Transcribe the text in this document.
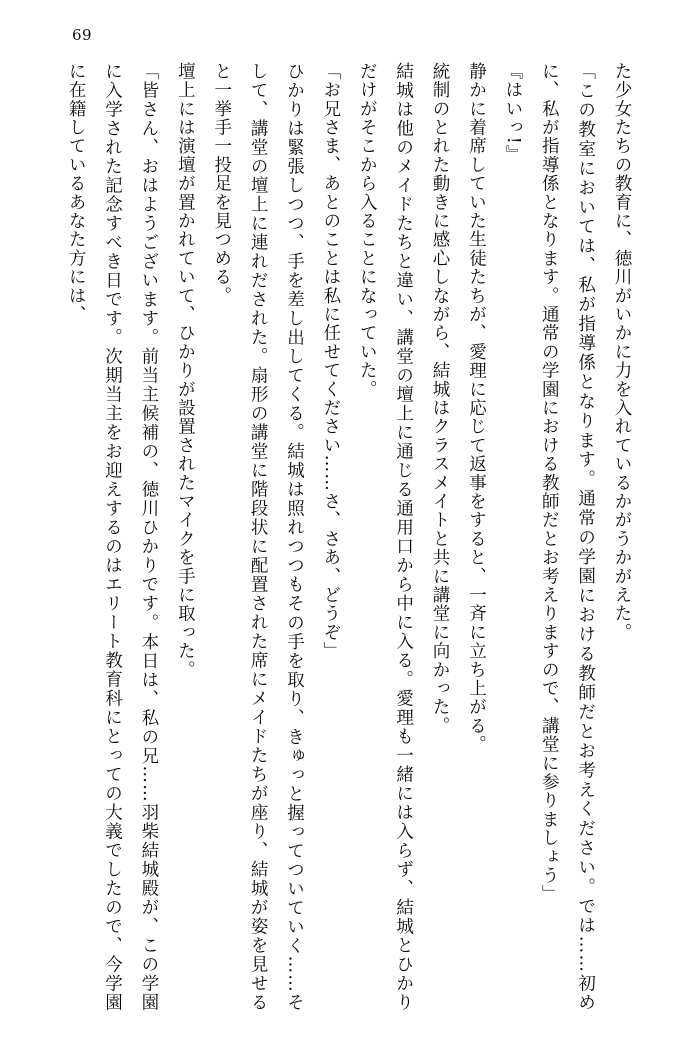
69

た少女たちの教育に、徳川がいかに力を入れているかがうかがえた。

「この教室においては、私が指導係となります。通常の学園における教師だとお考えください。では……初めに、私が指導係となります。通常の学園における教師だとお考えりますので、講堂に参りましょう」

『はいっ!』

静かに着席していた生徒たちが、愛理に応じて返事をすると、一斉に立ち上がる。

統制のとれた動きに感心しながら、結城はクラスメイトと共に講堂に向かった。

結城は他のメイドたちと違い、講堂の壇上に通じる通用口から中に入る。愛理も一緒には入らず、結城とひかりだけがそこから入ることになっていた。

「お兄さま、あとのことは私に任せてください……さ、さあ、どうぞ」

ひかりは緊張しつつ、手を差し出してくる。結城は照れつつもその手を取り、きゅっと握ってついていく……そして、講堂の壇上に連れだされた。扇形の講堂に階段状に配置された席にメイドたちが座り、結城が姿を見せると一挙手一投足を見つめる。

壇上には演壇が置かれていて、ひかりが設置されたマイクを手に取った。

「皆さん、おはようございます。前当主候補の、徳川ひかりです。本日は、私の兄……羽柴結城殿が、この学園に入学された記念すべき日です。次期当主をお迎えするのはエリート教育科にとっての大義でしたので、今学園に在籍しているあなた方には、
